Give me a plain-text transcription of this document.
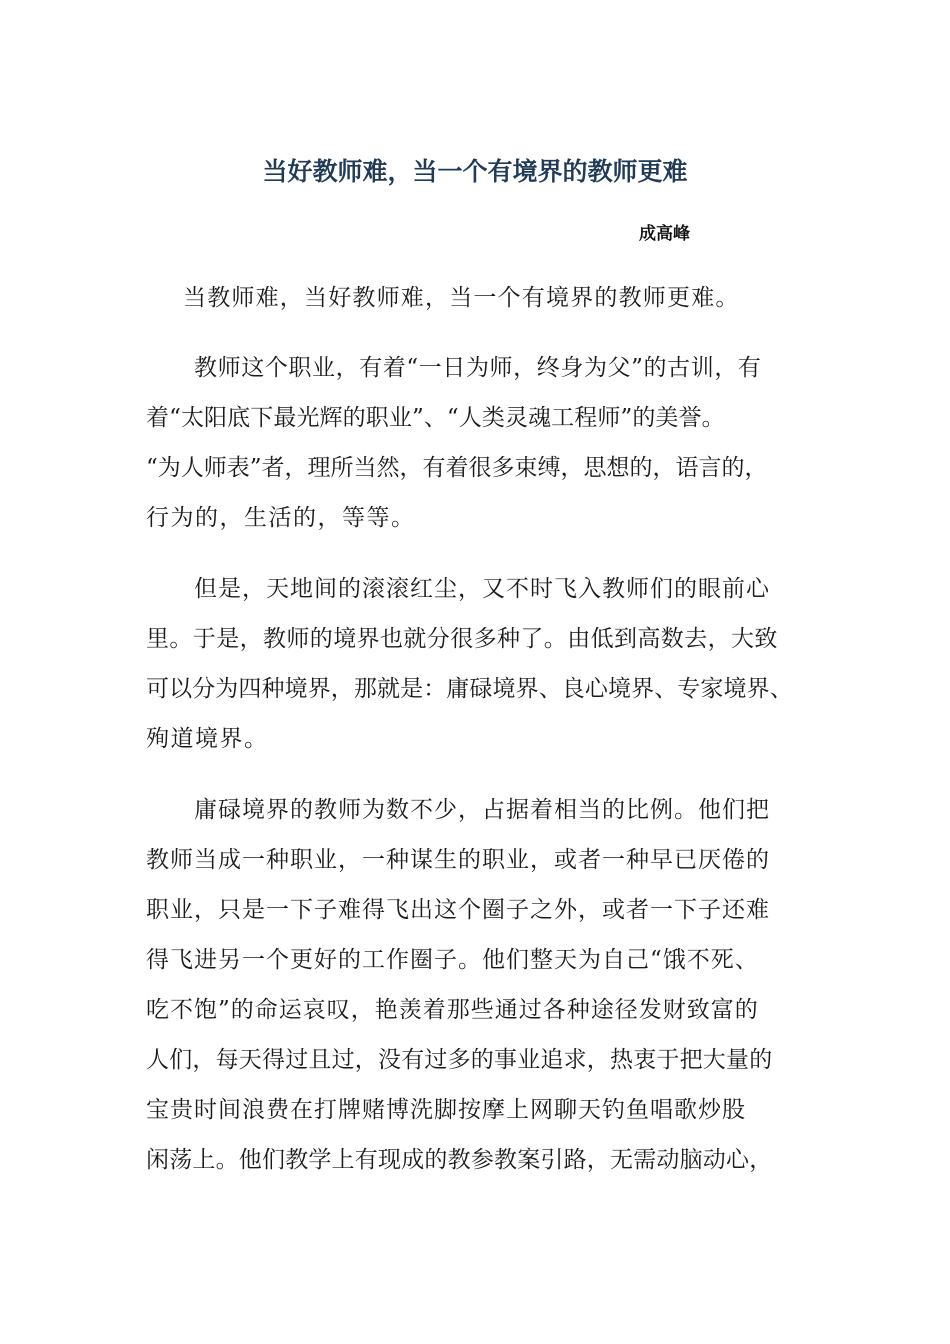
当好教师难，当一个有境界的教师更难
成高峰
当教师难，当好教师难，当一个有境界的教师更难。
教师这个职业，有着“一日为师，终身为父”的古训，有
着“太阳底下最光辉的职业”、“人类灵魂工程师”的美誉。
“为人师表”者，理所当然，有着很多束缚，思想的，语言的，
行为的，生活的，等等。
但是，天地间的滚滚红尘，又不时飞入教师们的眼前心
里。于是，教师的境界也就分很多种了。由低到高数去，大致
可以分为四种境界，那就是：庸碌境界、良心境界、专家境界、
殉道境界。
庸碌境界的教师为数不少，占据着相当的比例。他们把
教师当成一种职业，一种谋生的职业，或者一种早已厌倦的
职业，只是一下子难得飞出这个圈子之外，或者一下子还难
得飞进另一个更好的工作圈子。他们整天为自己“饿不死、
吃不饱”的命运哀叹，艳羡着那些通过各种途径发财致富的
人们，每天得过且过，没有过多的事业追求，热衷于把大量的
宝贵时间浪费在打牌赌博洗脚按摩上网聊天钓鱼唱歌炒股
闲荡上。他们教学上有现成的教参教案引路，无需动脑动心，
